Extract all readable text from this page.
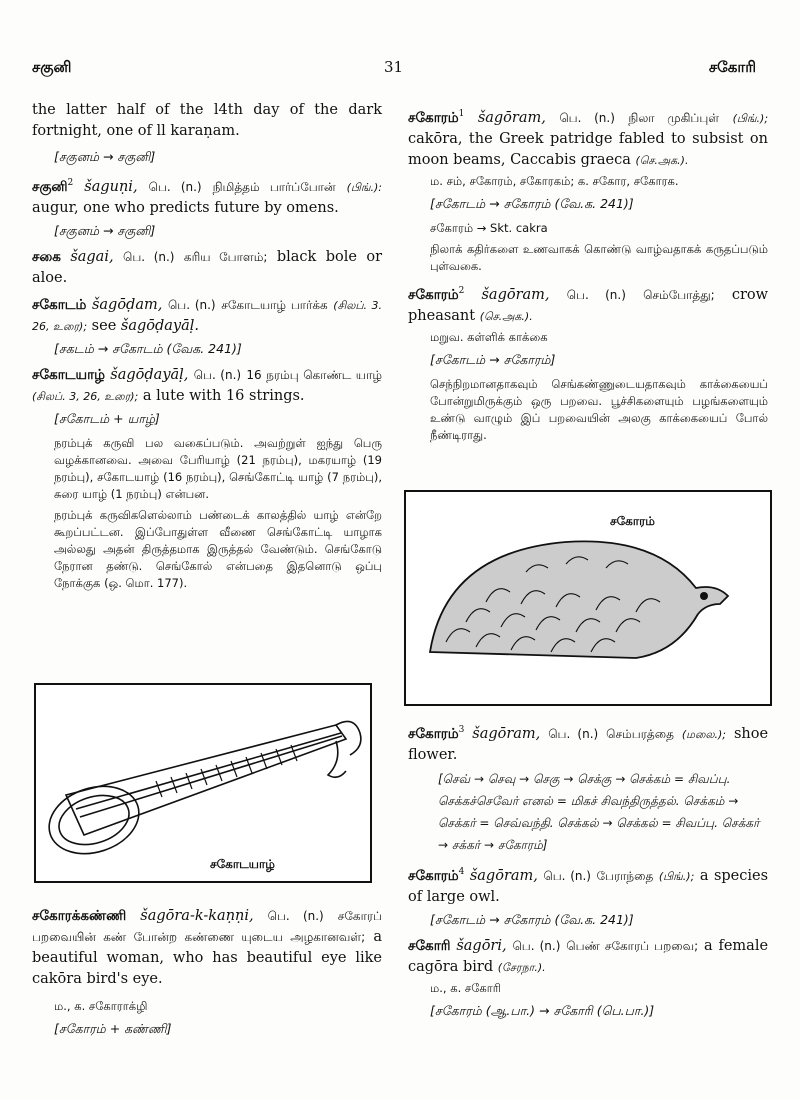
சகுனி	31	சகோரி
the latter half of the l4th day of the dark fortnight, one of ll karaṇam.
[சகுனம் → சகுனி]
சகுனி$^2$ šaguṇi, பெ. (n.) நிமித்தம் பார்ப்போன் (பிங்.): augur, one who predicts future by omens.
[சகுனம் → சகுனி]
சகை šagai, பெ. (n.) கரிய போளம்; black bole or aloe.
சகோடம் šagōḍam, பெ. (n.) சகோடயாழ் பார்க்க (சிலப். 3. 26, உரை); see šagōḍayāḷ.
[சகடம் → சகோடம் (வேக. 241)]
சகோடயாழ் šagōḍayāḷ, பெ. (n.) 16 நரம்பு கொண்ட யாழ் (சிலப். 3, 26, உரை); a lute with 16 strings.
[சகோடம் + யாழ்]
நரம்புக் கருவி பல வகைப்படும். அவற்றுள் ஐந்து பெரு வழக்கானவை. அவை பேரியாழ் (21 நரம்பு), மகரயாழ் (19 நரம்பு), சகோடயாழ் (16 நரம்பு), செங்கோட்டி யாழ் (7 நரம்பு), சுரை யாழ் (1 நரம்பு) என்பன.
நரம்புக் கருவிகளெல்லாம் பண்டைக் காலத்தில் யாழ் என்றே கூறப்பட்டன. இப்போதுள்ள வீணை செங்கோட்டி யாழாக அல்லது அதன் திருத்தமாக இருத்தல் வேண்டும். செங்கோடு நேரான தண்டு. செங்கோல் என்பதை இதனொடு ஒப்பு நோக்குக (ஒ. மொ. 177).
சகோடயாழ்
சகோரக்கண்ணி šagōra-k-kaṇṇi, பெ. (n.) சகோரப் பறவையின் கண் போன்ற கண்ணை யுடைய அழகானவள்; a beautiful woman, who has beautiful eye like cakōra bird's eye.
ம., க. சகோராக்ழி
[சகோரம் + கண்ணி]
சகோரம்$^1$ šagōram, பெ. (n.) நிலா முகிப்புள் (பிங்.); cakōra, the Greek patridge fabled to subsist on moon beams, Caccabis graeca (செ.அக.).
ம. சம், சகோரம், சகோரகம்; க. சகோர, சகோரக.
[சகோடம் → சகோரம் (வே.க. 241)]
சகோரம் → Skt. cakra
நிலாக் கதிர்களை உணவாகக் கொண்டு வாழ்வதாகக் கருதப்படும் புள்வகை.
சகோரம்$^2$ šagōram, பெ. (n.) செம்போத்து; crow pheasant (செ.அக.).
மறுவ. கள்ளிக் காக்கை
[சகோடம் → சகோரம்]
செந்நிறமானதாகவும் செங்கண்ணுடையதாகவும் காக்கையைப் போன்றுமிருக்கும் ஒரு பறவை. பூச்சிகளையும் பழங்களையும் உண்டு வாழும் இப் பறவையின் அலகு காக்கையைப் போல் நீண்டிராது.
சகோரம்
சகோரம்$^3$ šagōram, பெ. (n.) செம்பரத்தை (மலை.); shoe flower.
[செவ் → செவு → செகு → செக்கு → செக்கம் = சிவப்பு. செக்கச்செவேர் எனல் = மிகச் சிவந்திருத்தல். செக்கம் → செக்கர் = செவ்வந்தி. செக்கல் → செக்கல் = சிவப்பு. செக்கர் → சக்கர் → சகோரம்]
சகோரம்$^4$ šagōram, பெ. (n.) பேராந்தை (பிங்.); a species of large owl.
[சகோடம் → சகோரம் (வே.க. 241)]
சகோரி šagōri, பெ. (n.) பெண் சகோரப் பறவை; a female cagōra bird (சேரநா.).
ம., க. சகோரி
[சகோரம் (ஆ.பா.) → சகோரி (பெ.பா.)]
